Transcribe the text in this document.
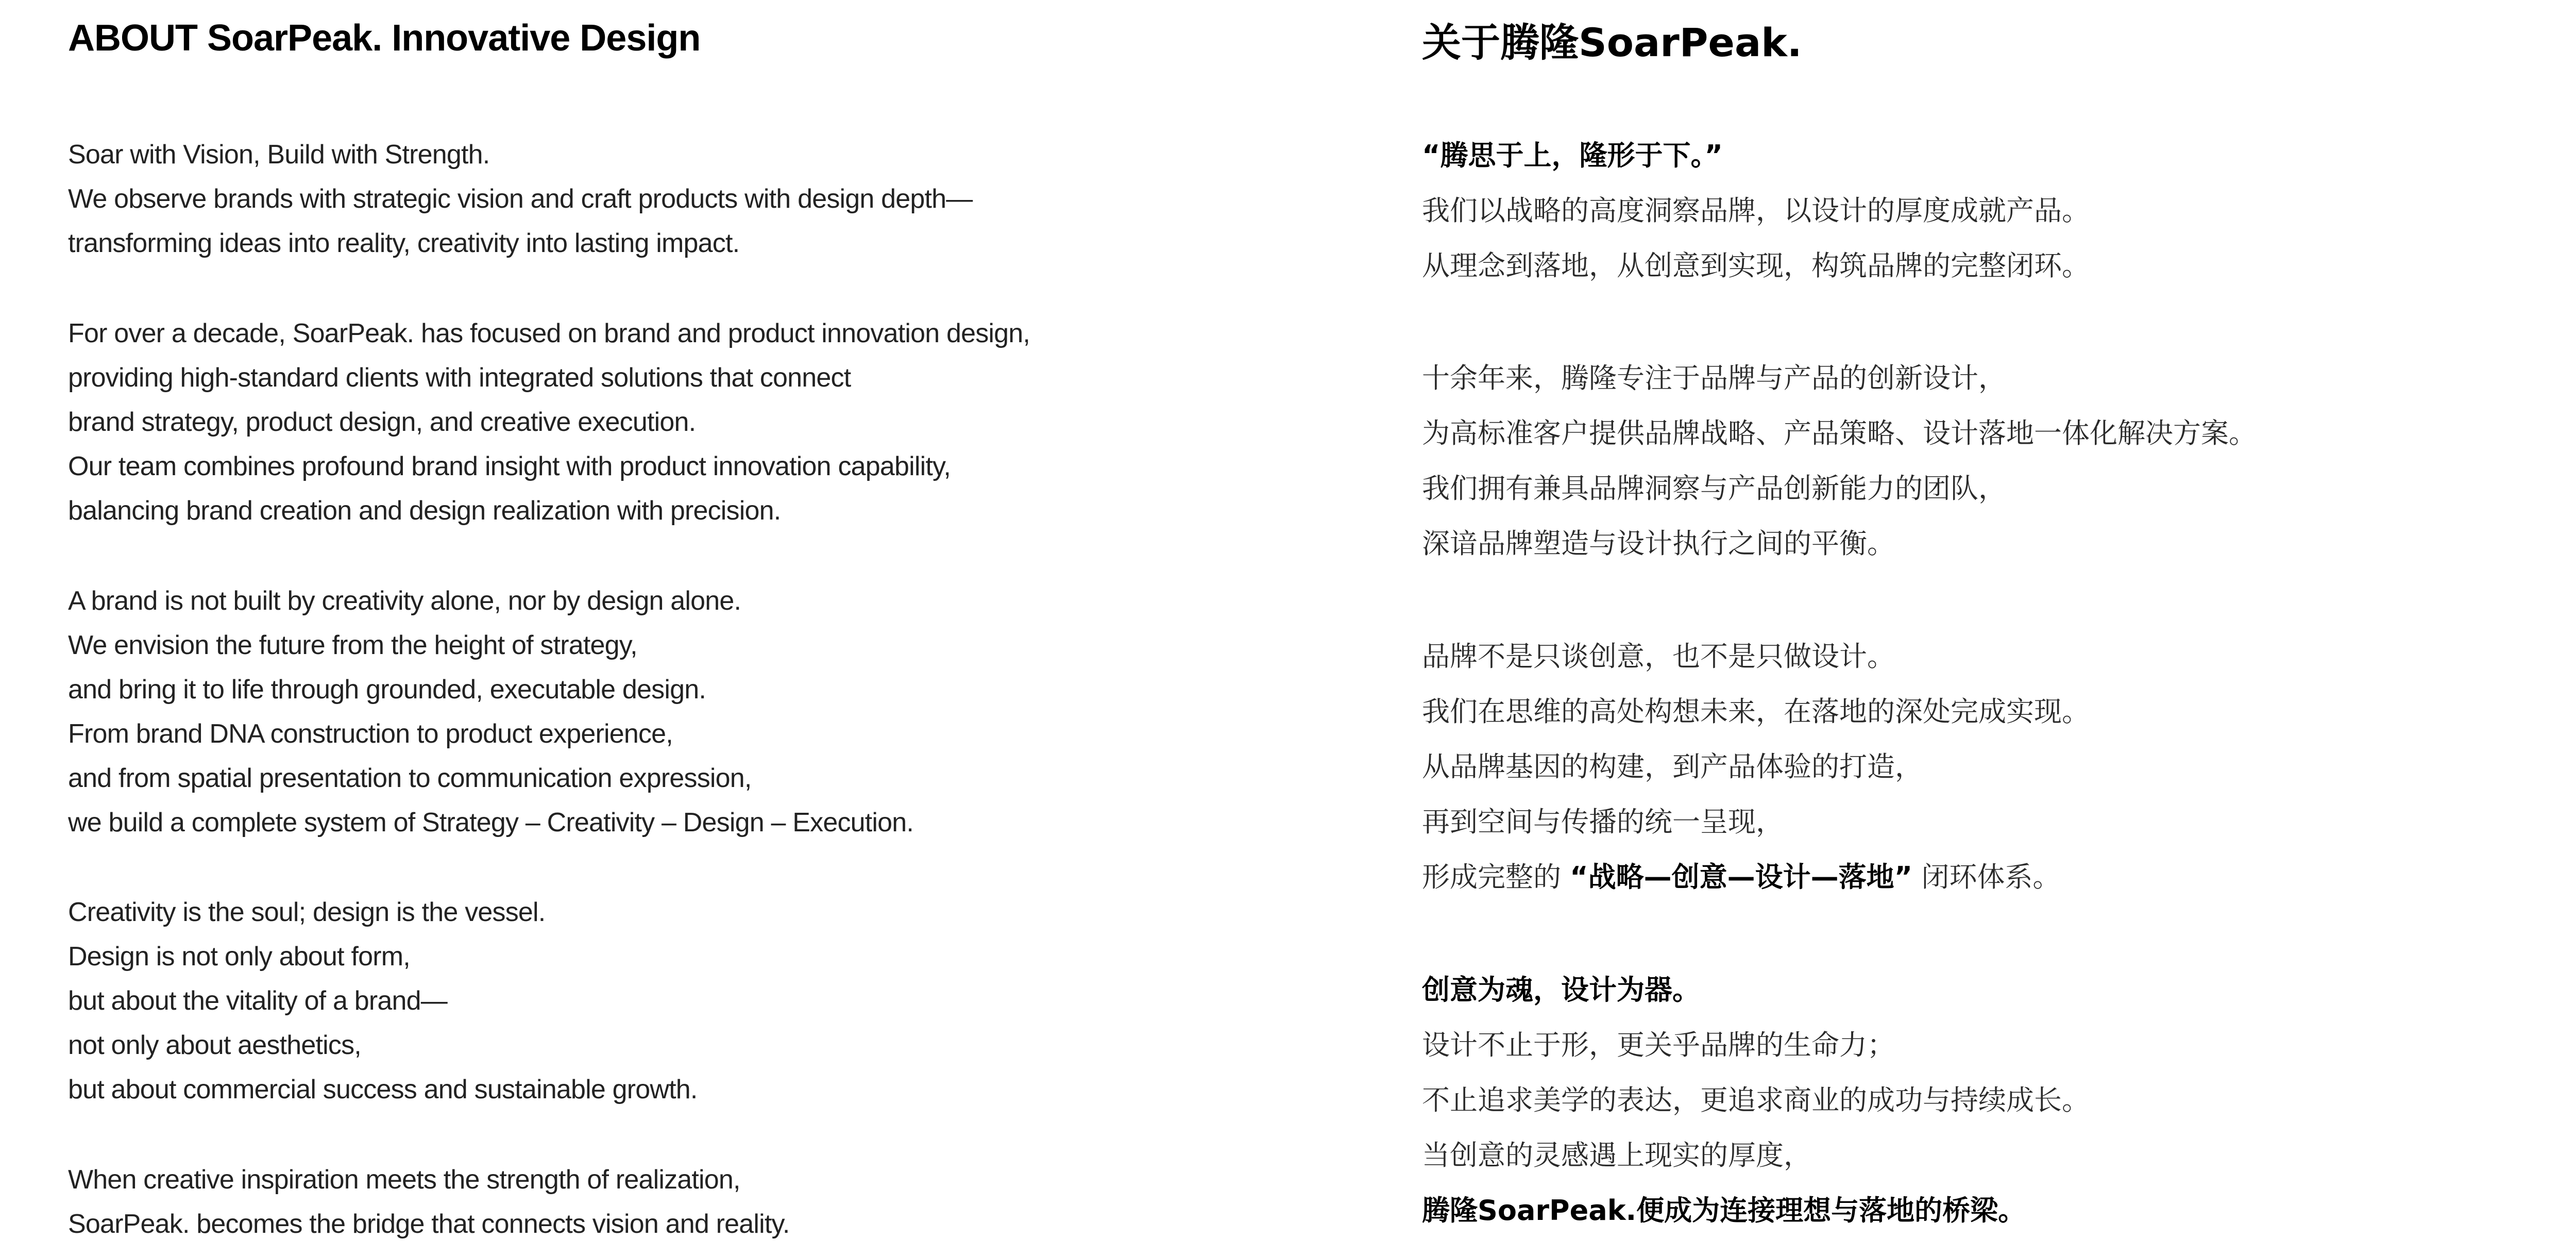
ABOUT SoarPeak. Innovative Design
Soar with Vision, Build with Strength.
We observe brands with strategic vision and craft products with design depth—
transforming ideas into reality, creativity into lasting impact.
For over a decade, SoarPeak. has focused on brand and product innovation design,
providing high-standard clients with integrated solutions that connect
brand strategy, product design, and creative execution.
Our team combines profound brand insight with product innovation capability,
balancing brand creation and design realization with precision.
A brand is not built by creativity alone, nor by design alone.
We envision the future from the height of strategy,
and bring it to life through grounded, executable design.
From brand DNA construction to product experience,
and from spatial presentation to communication expression,
we build a complete system of Strategy – Creativity – Design – Execution.
Creativity is the soul; design is the vessel.
Design is not only about form,
but about the vitality of a brand—
not only about aesthetics,
but about commercial success and sustainable growth.
When creative inspiration meets the strength of realization,
SoarPeak. becomes the bridge that connects vision and reality.
关于腾隆SoarPeak.
“腾思于上，隆形于下。”
我们以战略的高度洞察品牌，以设计的厚度成就产品。
从理念到落地，从创意到实现，构筑品牌的完整闭环。
十余年来，腾隆专注于品牌与产品的创新设计，
为高标准客户提供品牌战略、产品策略、设计落地一体化解决方案。
我们拥有兼具品牌洞察与产品创新能力的团队，
深谙品牌塑造与设计执行之间的平衡。
品牌不是只谈创意，也不是只做设计。
我们在思维的高处构想未来，在落地的深处完成实现。
从品牌基因的构建，到产品体验的打造，
再到空间与传播的统一呈现，
形成完整的 “战略—创意—设计—落地” 闭环体系。
创意为魂，设计为器。
设计不止于形，更关乎品牌的生命力；
不止追求美学的表达，更追求商业的成功与持续成长。
当创意的灵感遇上现实的厚度，
腾隆SoarPeak.便成为连接理想与落地的桥梁。
